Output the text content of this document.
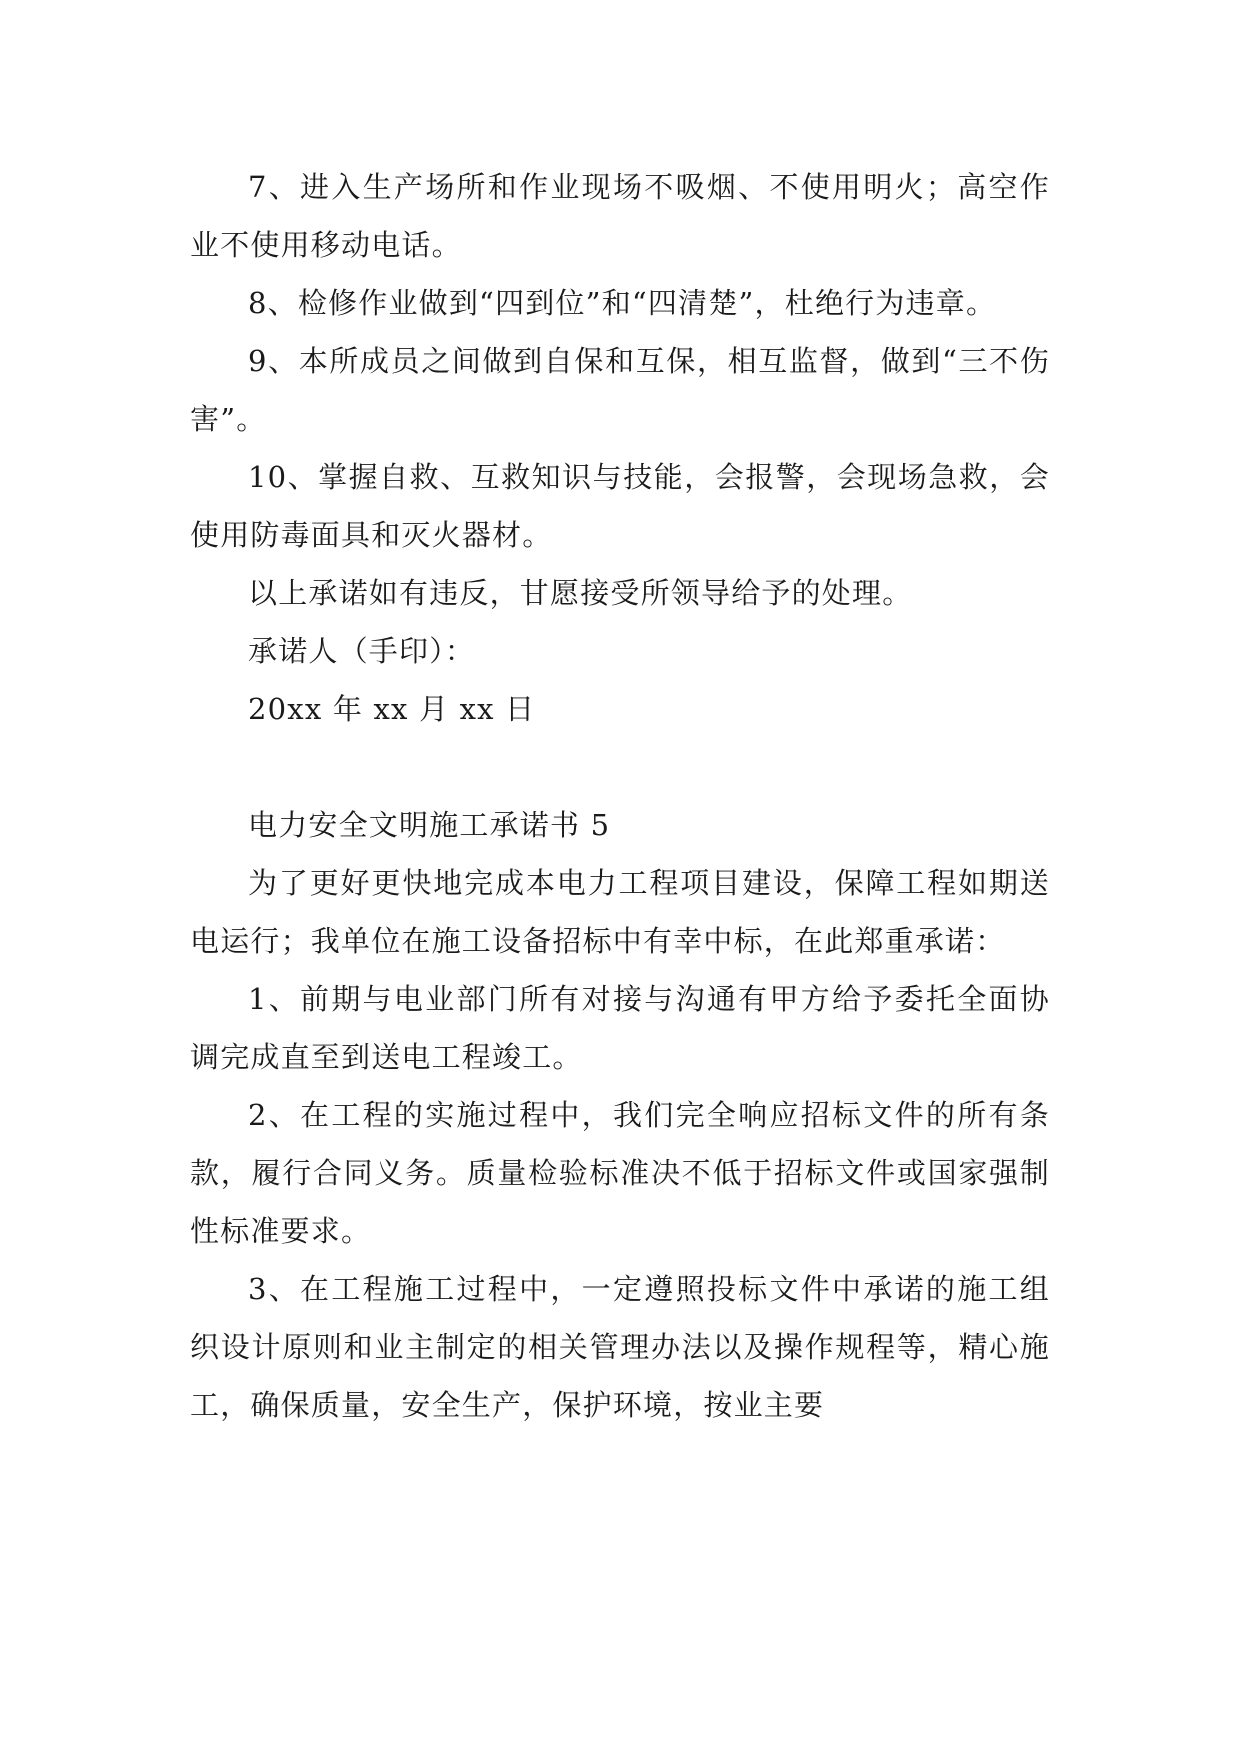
7、进入生产场所和作业现场不吸烟、不使用明火；高空作业不使用移动电话。

8、检修作业做到“四到位”和“四清楚”，杜绝行为违章。

9、本所成员之间做到自保和互保，相互监督，做到“三不伤害”。

10、掌握自救、互救知识与技能，会报警，会现场急救，会使用防毒面具和灭火器材。

以上承诺如有违反，甘愿接受所领导给予的处理。

承诺人（手印）：

20xx 年 xx 月 xx 日

电力安全文明施工承诺书 5

为了更好更快地完成本电力工程项目建设，保障工程如期送电运行；我单位在施工设备招标中有幸中标，在此郑重承诺：

1、前期与电业部门所有对接与沟通有甲方给予委托全面协调完成直至到送电工程竣工。

2、在工程的实施过程中，我们完全响应招标文件的所有条款，履行合同义务。质量检验标准决不低于招标文件或国家强制性标准要求。

3、在工程施工过程中，一定遵照投标文件中承诺的施工组织设计原则和业主制定的相关管理办法以及操作规程等，精心施工，确保质量，安全生产，保护环境，按业主要
